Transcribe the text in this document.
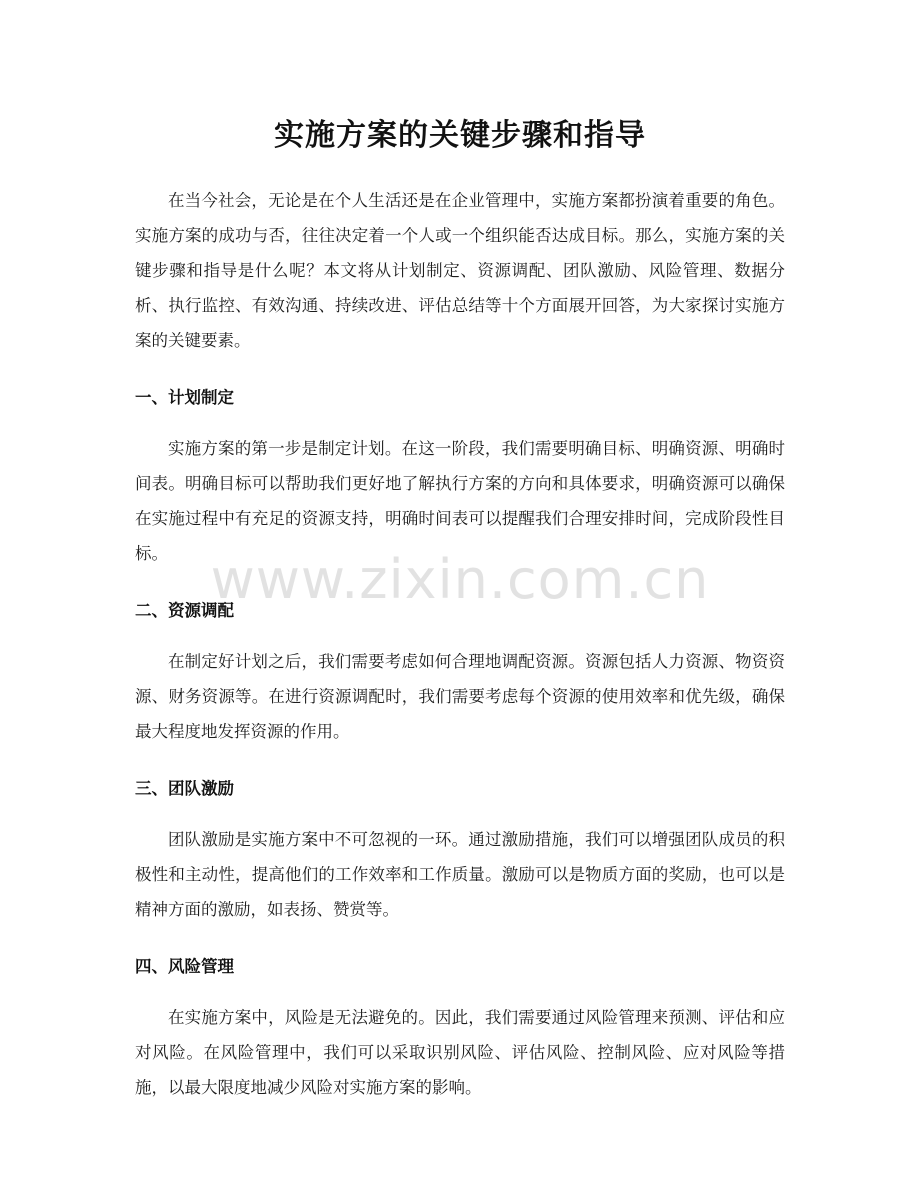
实施方案的关键步骤和指导

在当今社会，无论是在个人生活还是在企业管理中，实施方案都扮演着重要的角色。实施方案的成功与否，往往决定着一个人或一个组织能否达成目标。那么，实施方案的关键步骤和指导是什么呢？本文将从计划制定、资源调配、团队激励、风险管理、数据分析、执行监控、有效沟通、持续改进、评估总结等十个方面展开回答，为大家探讨实施方案的关键要素。

一、计划制定

实施方案的第一步是制定计划。在这一阶段，我们需要明确目标、明确资源、明确时间表。明确目标可以帮助我们更好地了解执行方案的方向和具体要求，明确资源可以确保在实施过程中有充足的资源支持，明确时间表可以提醒我们合理安排时间，完成阶段性目标。

二、资源调配

在制定好计划之后，我们需要考虑如何合理地调配资源。资源包括人力资源、物资资源、财务资源等。在进行资源调配时，我们需要考虑每个资源的使用效率和优先级，确保最大程度地发挥资源的作用。

三、团队激励

团队激励是实施方案中不可忽视的一环。通过激励措施，我们可以增强团队成员的积极性和主动性，提高他们的工作效率和工作质量。激励可以是物质方面的奖励，也可以是精神方面的激励，如表扬、赞赏等。

四、风险管理

在实施方案中，风险是无法避免的。因此，我们需要通过风险管理来预测、评估和应对风险。在风险管理中，我们可以采取识别风险、评估风险、控制风险、应对风险等措施，以最大限度地减少风险对实施方案的影响。

www.zixin.com.cn
